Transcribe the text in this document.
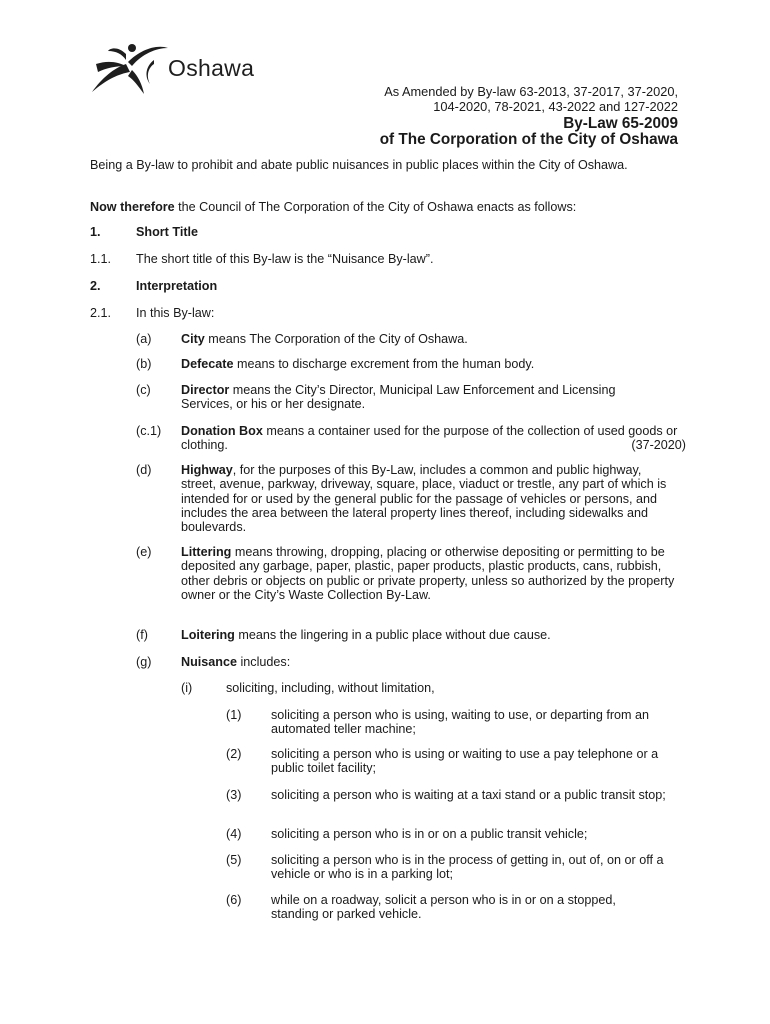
Oshawa
As Amended by By-law 63-2013, 37-2017, 37-2020,
104-2020, 78-2021, 43-2022 and 127-2022
By-Law 65-2009
of The Corporation of the City of Oshawa
Being a By-law to prohibit and abate public nuisances in public places within the City of Oshawa.
Now therefore the Council of The Corporation of the City of Oshawa enacts as follows:
1.	Short Title
1.1. The short title of this By-law is the “Nuisance By-law”.
2.	Interpretation
2.1. In this By-law:
(a) City means The Corporation of the City of Oshawa.
(b) Defecate means to discharge excrement from the human body.
(c) Director means the City’s Director, Municipal Law Enforcement and Licensing Services, or his or her designate.
(c.1) Donation Box means a container used for the purpose of the collection of used goods or clothing.	(37-2020)
(d) Highway, for the purposes of this By-Law, includes a common and public highway, street, avenue, parkway, driveway, square, place, viaduct or trestle, any part of which is intended for or used by the general public for the passage of vehicles or persons, and includes the area between the lateral property lines thereof, including sidewalks and boulevards.
(e) Littering means throwing, dropping, placing or otherwise depositing or permitting to be deposited any garbage, paper, plastic, paper products, plastic products, cans, rubbish, other debris or objects on public or private property, unless so authorized by the property owner or the City’s Waste Collection By-Law.
(f)	Loitering means the lingering in a public place without due cause.
(g) Nuisance includes:
(i)	soliciting, including, without limitation,
(1) soliciting a person who is using, waiting to use, or departing from an automated teller machine;
(2) soliciting a person who is using or waiting to use a pay telephone or a public toilet facility;
(3) soliciting a person who is waiting at a taxi stand or a public transit stop;
(4) soliciting a person who is in or on a public transit vehicle;
(5) soliciting a person who is in the process of getting in, out of, on or off a vehicle or who is in a parking lot;
(6) while on a roadway, solicit a person who is in or on a stopped, standing or parked vehicle.
